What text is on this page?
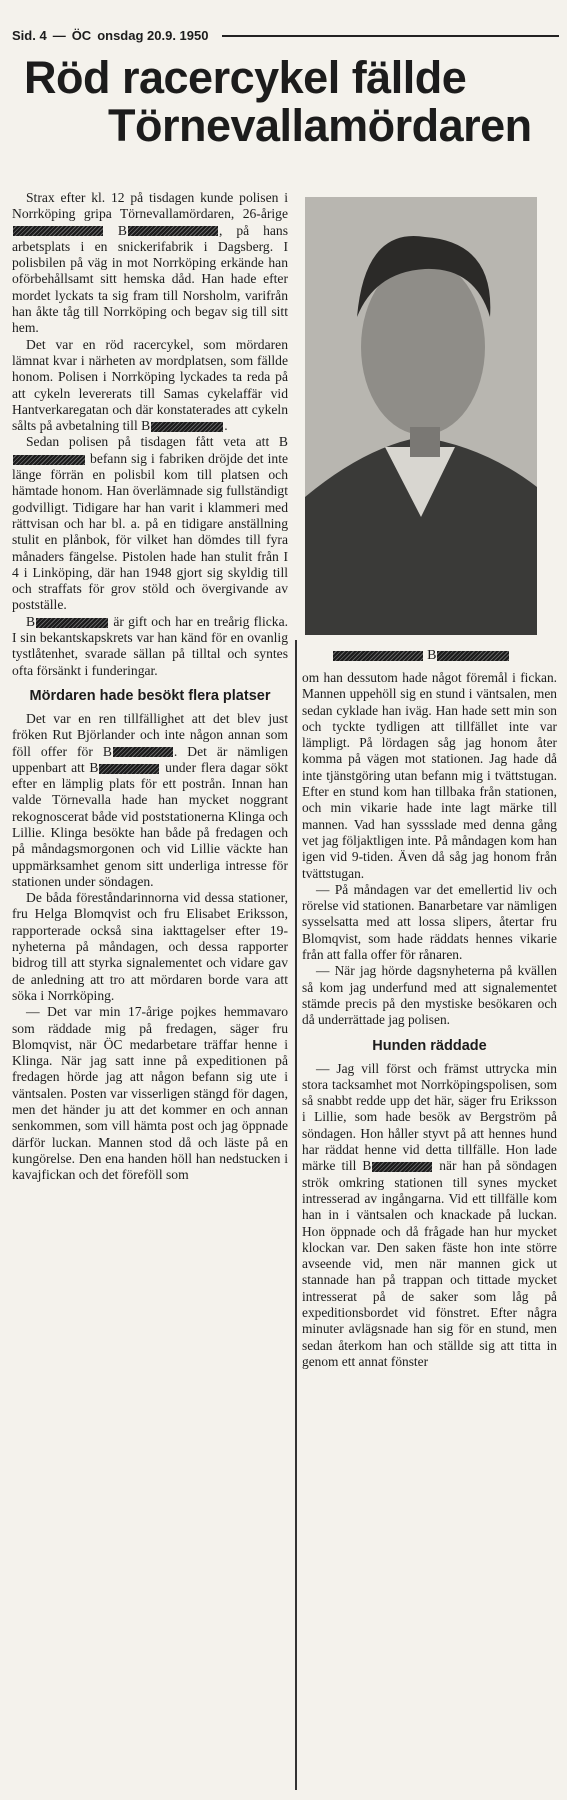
Sid. 4 — ÖC onsdag 20.9. 1950
Röd racercykel fällde
Törnevallamördaren

Strax efter kl. 12 på tisdagen kunde polisen i Norrköping gripa Törnevallamördaren, 26-årige  B	, på hans arbetsplats i en snickerifabrik i Dagsberg. I polisbilen på väg in mot Norrköping erkände han oförbehållsamt sitt hemska dåd. Han hade efter mordet lyckats ta sig fram till Norsholm, varifrån han åkte tåg till Norrköping och begav sig till sitt hem.

Det var en röd racercykel, som mördaren lämnat kvar i närheten av mordplatsen, som fällde honom. Polisen i Norrköping lyckades ta reda på att cykeln levererats till Samas cykelaffär vid Hantverkaregatan och där konstaterades att cykeln sålts på avbetalning till B	.

Sedan polisen på tisdagen fått veta att B befann sig i fabriken dröjde det inte länge förrän en polisbil kom till platsen och hämtade honom. Han överlämnade sig fullständigt godvilligt. Tidigare har han varit i klammeri med rättvisan och har bl. a. på en tidigare anställning stulit en plånbok, för vilket han dömdes till fyra månaders fängelse. Pistolen hade han stulit från I 4 i Linköping, där han 1948 gjort sig skyldig till och straffats för grov stöld och övergivande av postställe.

B	är gift och har en treårig flicka. I sin bekantskapskrets var han känd för en ovanlig tystlåtenhet, svarade sällan på tilltal och syntes ofta försänkt i funderingar.

Mördaren hade besökt flera platser

Det var en ren tillfällighet att det blev just fröken Rut Björlander och inte någon annan som föll offer för B	. Det är nämligen uppenbart att B	under flera dagar sökt efter en lämplig plats för ett postrån. Innan han valde Törnevalla hade han mycket noggrant rekognoscerat både vid poststationerna Klinga och Lillie. Klinga besökte han både på fredagen och på måndagsmorgonen och vid Lillie väckte han uppmärksamhet genom sitt underliga intresse för stationen under söndagen.

De båda föreståndarinnorna vid dessa stationer, fru Helga Blomqvist och fru Elisabet Eriksson, rapporterade också sina iakttagelser efter 19-nyheterna på måndagen, och dessa rapporter bidrog till att styrka signalementet och vidare gav de anledning att tro att mördaren borde vara att söka i Norrköping.

— Det var min 17-årige pojkes hemmavaro som räddade mig på fredagen, säger fru Blomqvist, när ÖC medarbetare träffar henne i Klinga. När jag satt inne på expeditionen på fredagen hörde jag att någon befann sig ute i väntsalen. Posten var visserligen stängd för dagen, men det händer ju att det kommer en och annan senkommen, som vill hämta post och jag öppnade därför luckan. Mannen stod då och läste på en kungörelse. Den ena handen höll han nedstucken i kavajfickan och det föreföll som

B

om han dessutom hade något föremål i fickan. Mannen uppehöll sig en stund i väntsalen, men sedan cyklade han iväg. Han hade sett min son och tyckte tydligen att tillfället inte var lämpligt. På lördagen såg jag honom åter komma på vägen mot stationen. Jag hade då inte tjänstgöring utan befann mig i tvättstugan. Efter en stund kom han tillbaka från stationen, och min vikarie hade inte lagt märke till mannen. Vad han syssslade med denna gång vet jag följaktligen inte. På måndagen kom han igen vid 9-tiden. Även då såg jag honom från tvättstugan.

— På måndagen var det emellertid liv och rörelse vid stationen. Banarbetare var nämligen sysselsatta med att lossa slipers, återtar fru Blomqvist, som hade räddats hennes vikarie från att falla offer för rånaren.

— När jag hörde dagsnyheterna på kvällen så kom jag underfund med att signalementet stämde precis på den mystiske besökaren och då underrättade jag polisen.

Hunden räddade

— Jag vill först och främst uttrycka min stora tacksamhet mot Norrköpingspolisen, som så snabbt redde upp det här, säger fru Eriksson i Lillie, som hade besök av Bergström på söndagen. Hon håller styvt på att hennes hund har räddat henne vid detta tillfälle. Hon lade märke till B	när han på söndagen strök omkring stationen till synes mycket intresserad av ingångarna. Vid ett tillfälle kom han in i väntsalen och knackade på luckan. Hon öppnade och då frågade han hur mycket klockan var. Den saken fäste hon inte större avseende vid, men när mannen gick ut stannade han på trappan och tittade mycket intresserat på de saker som låg på expeditionsbordet vid fönstret. Efter några minuter avlägsnade han sig för en stund, men sedan återkom han och ställde sig att titta in genom ett annat fönster
